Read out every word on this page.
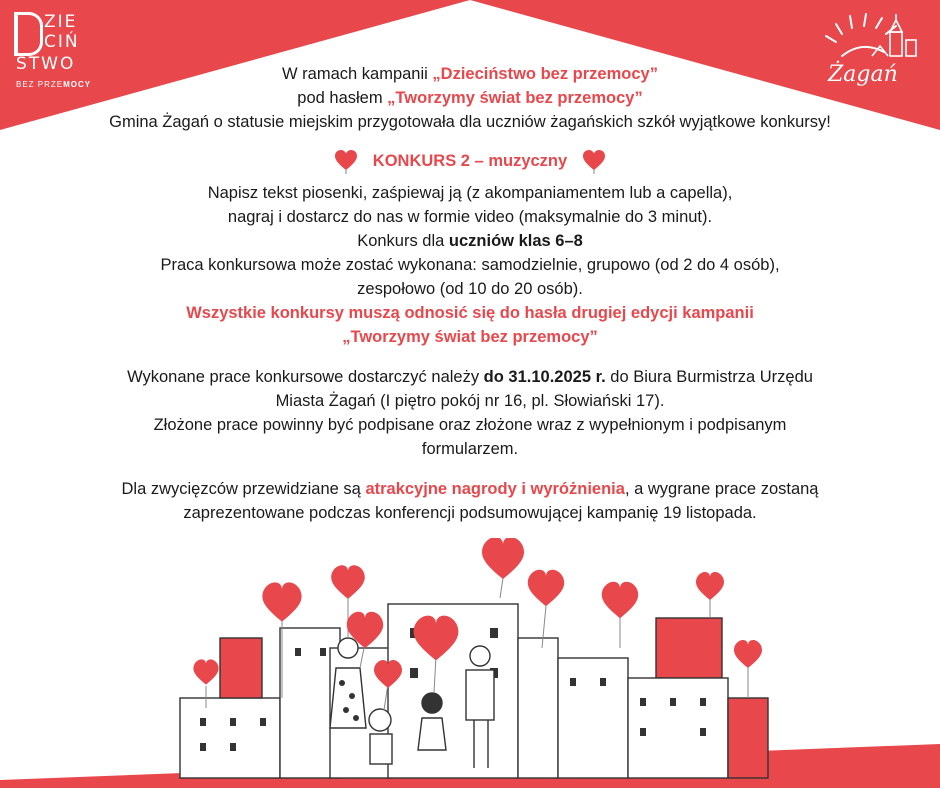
ZIE
CIŃ
STWO
BEZ PRZEMOCY	Żagań

W ramach kampanii „Dzieciństwo bez przemocy”

pod hasłem „Tworzymy świat bez przemocy”

Gmina Żagań o statusie miejskim przygotowała dla uczniów żagańskich szkół wyjątkowe konkursy!

KONKURS 2 – muzyczny

Napisz tekst piosenki, zaśpiewaj ją (z akompaniamentem lub a capella),

nagraj i dostarcz do nas w formie video (maksymalnie do 3 minut).

Konkurs dla uczniów klas 6–8

Praca konkursowa może zostać wykonana: samodzielnie, grupowo (od 2 do 4 osób),

zespołowo (od 10 do 20 osób).

Wszystkie konkursy muszą odnosić się do hasła drugiej edycji kampanii

„Tworzymy świat bez przemocy”

Wykonane prace konkursowe dostarczyć należy do 31.10.2025 r. do Biura Burmistrza Urzędu

Miasta Żagań (I piętro pokój nr 16, pl. Słowiański 17).

Złożone prace powinny być podpisane oraz złożone wraz z wypełnionym i podpisanym

formularzem.

Dla zwycięzców przewidziane są atrakcyjne nagrody i wyróżnienia, a wygrane prace zostaną

zaprezentowane podczas konferencji podsumowującej kampanię 19 listopada.
